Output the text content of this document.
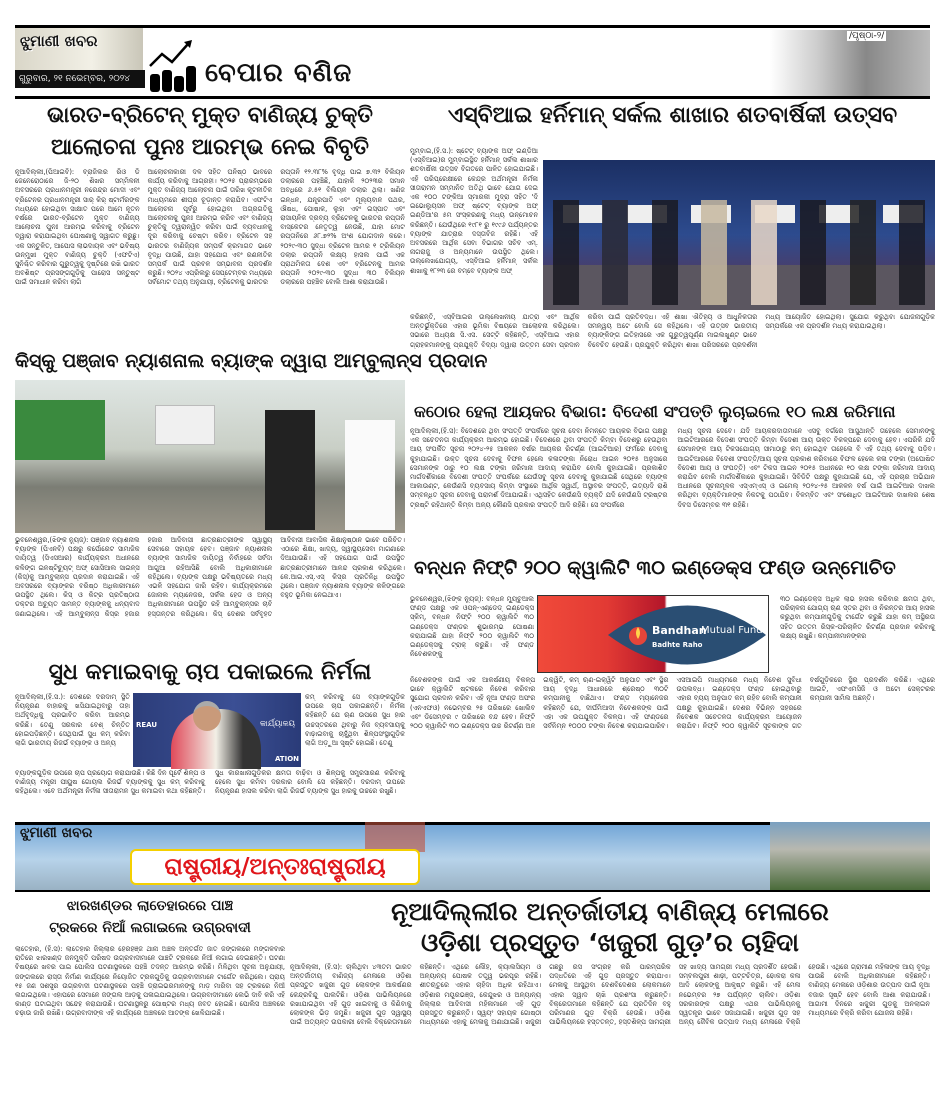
ଝୁମାଣୀ ଖବର
ଗୁରୁବାର, ୨୧ ନଭେମ୍ବର, ୨୦୨୪	ବେପାର ବଣିଜ
/ପୃଷ୍ଠା-୨/
ଭାରତ-ବ୍ରିଟେନ୍ ମୁକ୍ତ ବାଣିଜ୍ୟ ଚୁକ୍ତି
ଆଲୋଚନା ପୁନଃ ଆରମ୍ଭ ନେଇ ବିବୃତି

ନୂଆଦିଲ୍ଲୀ,(ପିଆଇବି): ବ୍ରାଜିଲର ରିଓ ଡି ଜେନେରୋଠାରେ ଜି-୨୦ ଶିଖର ସମ୍ମିଳନୀ ଅବସରରେ ପ୍ରଧାନମନ୍ତ୍ରୀ ନରେନ୍ଦ୍ର ମୋଦୀ ଏବଂ ବ୍ରିଟେନର ପ୍ରଧାନମନ୍ତ୍ରୀ ସାର୍ କିର୍ ଷ୍ଟାର୍ମରଙ୍କ ମଧ୍ୟରେ ହୋଇଥିବା ସାକ୍ଷାତ ପରେ ଆମେ ନୂତନ ବର୍ଷରେ ଭାରତ-ବ୍ରିଟେନ ମୁକ୍ତ ବାଣିଜ୍ୟ ଆଲୋଚନା ପୁନଃ ଆରମ୍ଭ କରିବାକୁ ବ୍ରିଟେନ ଦ୍ୱାରା କରାଯାଇଥିବା ଘୋଷଣାକୁ ସ୍ୱାଗତ କରୁଛୁ। ଏକ ସନ୍ତୁଳିତ, ଆପୋସ ଲାଭଦାୟକ ଏବଂ ଭବିଷ୍ୟ ଉନ୍ମୁଖୀ ମୁକ୍ତ ବାଣିଜ୍ୟ ଚୁକ୍ତି (ଏଫଟିଏ) ସୁନିଶ୍ଚିତ କରିବାର ଗୁରୁତ୍ୱକୁ ଦୃଷ୍ଟିରେ ରଖି ଭାରତ ଅବଶିଷ୍ଟ ପ୍ରସଙ୍ଗଗୁଡ଼ିକୁ ପାରୋସ ସନ୍ତୁଷ୍ଟ ପାଇଁ ସମାଧାନ କରିବା ଲାଗି

ଆଲୋଚନାକାରୀ ଦଳ ସହିତ ଘନିଷ୍ଠ ଭାବରେ କାର୍ଯ୍ୟ କରିବାକୁ ଆଗ୍ରହୀ। ୨୦୨୫ ପ୍ରାରମ୍ଭରେ ମୁକ୍ତ ବାଣିଜ୍ୟ ଆଲୋଚନା ପାଇଁ ତାରିଖ କୂଟନୀତିକ ମାଧ୍ୟମରେ ଶୀଘ୍ର ଚୂଡ଼ାନ୍ତ କରାଯିବ। ଏଫଟିଏ ଆଲୋଚନା ପୂର୍ବରୁ ହୋଇଥିବା ଅଗ୍ରଗତିକୁ ଆଲୋଚନାକୁ ପୁନଃ ଆରମ୍ଭ କରିବ ଏବଂ ବାଣିଜ୍ୟ ଚୁକ୍ତିକୁ ତ୍ୱରାନ୍ୱିତ କରିବା ପାଇଁ ବ୍ୟବଧାନକୁ ଦୂର କରିବାକୁ ଚେଷ୍ଟା କରିବ। ବ୍ରିଟେନ ସହ ଭାରତର ବାଣିଜ୍ୟିକ ସମ୍ପର୍କ କ୍ରମାଗତ ଭାବେ ବୃଦ୍ଧି ପାଉଛି, ଯାହା ସହଯୋଗ ଏବଂ ରଣନୀତିକ ସମ୍ପର୍କ ପାଇଁ ପ୍ରବଳ ସମ୍ଭାବନା ପ୍ରଦର୍ଶନ କରୁଛି। ୨୦୨୪ ଏପ୍ରିଲରୁ ସେପ୍ଟେମ୍ବର ମଧ୍ୟରେ ସର୍ବମୋଟ ତଥ୍ୟ ଅନୁଯାୟୀ, ବ୍ରିଟେନକୁ ଭାରତର

ରପ୍ତାନି ୧୨.୩୮% ବୃଦ୍ଧି ପାଇ ୭.୩୨ ବିଲିୟନ ଡଲାରରେ ପହଞ୍ଚିଛି, ଯାହାକି ୨୦୨୩ର ସମାନ ଅବଧିରେ ୬.୫୧ ବିଲିୟନ ଡଲାର ଥିଲା। ଖଣିଜ ଇନ୍ଧନ, ଯନ୍ତ୍ରପାତି ଏବଂ ମୂଲ୍ୟବାନ ପଥର, ଔଷଧ, ପୋଷାକ, ଲୁହା ଏବଂ ଇସ୍ପାତ ଏବଂ ରାସାୟନିକ ଦ୍ରବ୍ୟ ବ୍ରିଟେନକୁ ଭାରତର ରପ୍ତାନି ବାସ୍କେଟର ନେତୃତ୍ୱ ନେଉଛି, ଯାହା ମୋଟ ରପ୍ତାନିରେ ୬୮.୭୨% ଅଂଶ ଯୋଗଦାନ କରେ। ୨୦୨୯-୩୦ ସୁଦ୍ଧା ବ୍ରିଟେନ ଆମର ୧ ଟ୍ରିଲିୟନ ଡଲାର ରପ୍ତାନି ଲକ୍ଷ୍ୟ ହାସଲ ପାଇଁ ଏକ ପ୍ରାଥମିକତା ଦେଶ ଏବଂ ବ୍ରିଟେନକୁ ଆମର ରପ୍ତାନି ୨୦୨୯-୩୦ ସୁଦ୍ଧା ୩୦ ବିଲିୟନ ଡଲାରରେ ପହଞ୍ଚିବ ବୋଲି ଆଶା କରାଯାଉଛି।

କିସ୍କୁ ପଞ୍ଜାବ ନ୍ୟାଶନାଲ ବ୍ୟାଙ୍କ ଦ୍ୱାରା ଆମ୍ବୁଲାନ୍ସ ପ୍ରଦାନ
ଭୁବନେଶ୍ୱର,(ଝିଙ୍କ ନ୍ୟୁଜ୍): ପଞ୍ଜାବ ନ୍ୟାଶନାଲ ବ୍ୟାଙ୍କ (ପିଏନବି) ପକ୍ଷରୁ କର୍ପୋରେଟ ସାମାଜିକ ଦାୟିତ୍ୱ (ସିଏସଆର) କାର୍ଯ୍ୟକ୍ରମ ଅଧୀନରେ କଳିଙ୍ଗ ଇନଷ୍ଟିଚ୍ୟୁଟ୍ ଅଫ୍ ସୋସିଆଲ ସାଇନ୍ସ (କିସ୍)କୁ ଆମ୍ବୁଲାନ୍ସ ପ୍ରଦାନ କରାଯାଇଛି। ଏହି ଅବସରରେ ବ୍ୟାଙ୍କର ବରିଷ୍ଠ ଅଧିକାରୀମାନେ ଉପସ୍ଥିତ ଥିଲେ। କିସ୍ ଓ କିଟ୍ର ପ୍ରତିଷ୍ଠାତା ଡକ୍ଟର ଅଚ୍ୟୁତ ସାମନ୍ତ ବ୍ୟାଙ୍କକୁ ଧନ୍ୟବାଦ ଜଣାଇଥିଲେ। ଏହି ଆମ୍ବୁଲାନ୍ସ କିସ୍ର ହଜାର ହଜାର ଆଦିବାସୀ ଛାତ୍ରଛାତ୍ରୀଙ୍କ ସ୍ୱାସ୍ଥ୍ୟ ସେବାରେ ସହାୟକ ହେବ। ପଞ୍ଜାବ ନ୍ୟାଶନାଲ ବ୍ୟାଙ୍କ ସାମାଜିକ ଦାୟିତ୍ୱ ନିର୍ବାହରେ ସର୍ବଦା ଆଗୁଆ ରହିଆସିଛି ବୋଲି ଅଧିକାରୀମାନେ କହିଥିଲେ। ବ୍ୟାଙ୍କ ପକ୍ଷରୁ ଭବିଷ୍ୟତରେ ମଧ୍ୟ ଏଭଳି ସହଯୋଗ ଜାରି ରହିବ। କାର୍ଯ୍ୟକ୍ରମରେ ଜୋନାଲ ମ୍ୟାନେଜର, ସର୍କଲ ହେଡ ଓ ଅନ୍ୟ ଅଧିକାରୀମାନେ ଉପସ୍ଥିତ ରହି ଆମ୍ବୁଲାନ୍ସର ଚାବି ହସ୍ତାନ୍ତର କରିଥିଲେ। କିସ୍ ଦେଶର ସର୍ବବୃହତ ଆଦିବାସୀ ଆବାସିକ ଶିକ୍ଷାନୁଷ୍ଠାନ ଭାବେ ପରିଚିତ। ଏଠାରେ ଶିକ୍ଷା, ଖାଦ୍ୟ, ସ୍ୱାସ୍ଥ୍ୟସେବା ମାଗଣାରେ ଦିଆଯାଉଛି। ଏହି ସହଯୋଗ ପାଇଁ ଉପସ୍ଥିତ ଛାତ୍ରଛାତ୍ରୀମାନେ ଆନନ୍ଦ ପ୍ରକାଶ କରିଥିଲେ। କେ.ଆଇ.ଏସ୍.ଏସ୍ କିସ୍‌ର ପ୍ରତିନିଧି ଉପସ୍ଥିତ ଥିଲେ। ପଞ୍ଜାବ ନ୍ୟାଶନାଲ ବ୍ୟାଙ୍କ କଳିଙ୍ଗରେ ବହୁତ ଭୂମିକା ନେଇଥାଏ।
ସୁଧ କମାଇବାକୁ ଚାପ ପକାଇଲେ ନିର୍ମଳା
ନୂଆଦିଲ୍ଲୀ,(ହି.ସ.): ଦେଶରେ ଦରଦାମ୍ ସ୍ଥିତି ନିୟନ୍ତ୍ରଣ ବାହାରକୁ ଖସିଯାଇଥିବାରୁ ତାହା ଅର୍ଥବୃଦ୍ଧିକୁ ପ୍ରଭାବିତ କରିବା ଆରମ୍ଭ କରିଛି। ତେଣୁ ସରକାର ବେଶ୍ ଚିନ୍ତିତ ହୋଇପଡ଼ିଛନ୍ତି। ସେଥିପାଇଁ ସୁଧ କମ୍ କରିବା ଲାଗି ଭାରତୀୟ ରିଜର୍ଭ ବ୍ୟାଙ୍କ ଓ ଅନ୍ୟ
REAU	କାର୍ଯ୍ୟାଳୟ
ATION
କମ୍ କରିବାକୁ ସେ ବ୍ୟାଙ୍କଗୁଡ଼ିକ ଉପରେ ଚାପ ପକାଇଛନ୍ତି। ନିର୍ମଳା କହିଛନ୍ତି ଯେ ଋଣ ଉପରେ ସୁଧ ହାର ଉଚ୍ଚସ୍ତରରେ ଥିବାରୁ ନିଜ ବ୍ୟବସାୟକୁ ବାଢ଼ାଇବାକୁ ଚାହୁଁଥିବା ଶିଳ୍ପସଂସ୍ଥାଗୁଡ଼ିକ ଲାଗି ଅଡ଼ୁଆ ସୃଷ୍ଟି ହୋଇଛି। ତେଣୁ
ବ୍ୟାଙ୍କଗୁଡ଼ିକ ଉପରେ ଚାପ ପ୍ରୟୋଗ କରାଯାଉଛି। କିଛି ଦିନ ପୂର୍ବେ ଶିଳ୍ପ ଓ ବାଣିଜ୍ୟ ମନ୍ତ୍ରୀ ପୀୟୁଷ ଗୋୟଲ ରିଜର୍ଭ ବ୍ୟାଙ୍କକୁ ସୁଧ କମ୍ କରିବାକୁ କହିଥିଲେ। ଏବେ ଅର୍ଥମନ୍ତ୍ରୀ ନିର୍ମଳା ସୀତାରାମନ ସୁଧ କମାଇବା କଥା କହିଛନ୍ତି। ସୁଧ କାରଖାନାଗୁଡ଼ିକର କ୍ଷମତା ବାଢ଼ିବା ଓ ଶିଳ୍ପକୁ ସମ୍ପ୍ରସାରଣ କରିବାକୁ ହେଲେ ସୁଧ କମିବା ଦରକାର ବୋଲି ସେ କହିଛନ୍ତି। ଦରଦାମ୍ ଉପରେ ନିୟନ୍ତ୍ରଣ ହାସଲ କରିବା ଲାଗି ରିଜର୍ଭ ବ୍ୟାଙ୍କ ସୁଧ ହାରକୁ ଉଚ୍ଚରେ ରଖୁଛି।
ଏସ୍‌ବିଆଇ ହର୍ନିମାନ୍ ସର୍କଲ ଶାଖାର ଶତବାର୍ଷିକୀ ଉତ୍ସବ
ମୁମ୍ବାଇ,(ହି.ସ.): ଷ୍ଟେଟ୍ ବ୍ୟାଙ୍କ ଅଫ୍ ଇଣ୍ଡିଆ (ଏସ୍‌ବିଆଇ)ର ମୁମ୍ବାଇସ୍ଥିତ ହର୍ନିମାନ୍ ସର୍କଲ ଶାଖାର ଶତବାର୍ଷିକୀ ଉତ୍ସବ ବିଗତରେ ପାଳିତ ହୋଇଯାଇଛି। ଏହି ପରିପ୍ରେକ୍ଷୀରେ କେନ୍ଦ୍ର ଅର୍ଥମନ୍ତ୍ରୀ ନିର୍ମଳା ସୀତାରାମନ ସମ୍ମାନିତ ଅତିଥି ଭାବେ ଯୋଗ ଦେଇ ଏକ ୧୦୦ ଟଙ୍କିଆ ସ୍ମାରକୀ ମୁଦ୍ରା ସହିତ 'ଦି ଇଭୋଲ୍ୟୁସନ ଅଫ୍ ଷ୍ଟେଟ୍ ବ୍ୟାଙ୍କ ଅଫ୍ ଇଣ୍ଡିଆ'ର ୫ମ ସଂସ୍କରଣକୁ ମଧ୍ୟ ଉନ୍ମୋଚନ କରିଛନ୍ତି। ଯେଉଁଥିରେ ୧୯୮୧ ରୁ ୧୯୯୬ ପର୍ଯ୍ୟନ୍ତର ବ୍ୟାଙ୍କ ଯାତ୍ରାର ଦସ୍ତାବିଜ ରହିଛି। ଏହି ଅବସରରେ ଆର୍ଥିକ ସେବା ବିଭାଗର ସଚିବ ଏମ୍. ନାଗରାଜୁ ଓ ଅନ୍ୟମାନେ ଉପସ୍ଥିତ ଥିଲେ। ଉଲ୍ଲେଖଯୋଗ୍ୟ, ଏସ୍‌ବିଆଇ ହର୍ନିମାନ୍ ସର୍କଲ ଶାଖାକୁ ୧୮୨୩ ରେ ବମ୍ବେ ବ୍ୟାଙ୍କ ଅଫ୍
କରିଛନ୍ତି, ଏସ୍‌ବିଆଇର ଉଲ୍ଲେଖନୀୟ ଯାତ୍ରା ଏବଂ ଆର୍ଥିକ ଅନ୍ତର୍ଭୁକ୍ତିରେ ଏହାର ଭୂମିକା ବିଷୟରେ ଆଲୋଚନା କରିଥିଲେ। ସଭାରେ ଅଧ୍ୟକ୍ଷ ସି.ଏସ. ସେଟ୍ଟି କହିଛନ୍ତି, ଏସ୍‌ବିଆଇ ଏହାର ଗ୍ରାହକମାନଙ୍କୁ ପ୍ରଯୁକ୍ତି ବିଦ୍ୟା ଦ୍ୱାରା ଉତ୍ତମ ସେବା ପ୍ରଦାନ କରିବା ପାଇଁ ପ୍ରତିବଦ୍ଧ। ଏହି ଶାଖା ଐତିହ୍ୟ ଓ ଆଧୁନିକତାର ସମନ୍ୱୟ ଅଟେ ବୋଲି ସେ କହିଥିଲେ। ଏହି ଉତ୍ସବ ଭାରତୀୟ ବ୍ୟାଙ୍କିଙ୍ଗ ଇତିହାସରେ ଏକ ଗୁରୁତ୍ୱପୂର୍ଣ୍ଣ ମାଇଲଖୁଣ୍ଟ ଭାବେ ବିବେଚିତ ହେଉଛି। ପ୍ରଯୁକ୍ତି କରିଥିବା ଶାଖା ପରିସରରେ ପ୍ରଦର୍ଶନୀ ମଧ୍ୟ ଆୟୋଜିତ ହୋଇଥିଲା। ସୁଯୋଗ କରୁଥିବା ଯୋଜନାଗୁଡ଼ିକ ସମ୍ପର୍କରେ ଏକ ପ୍ରଦର୍ଶନ ମଧ୍ୟ କରାଯାଇଥିଲା।
କଠୋର ହେଲା ଆୟକର ବିଭାଗ: ବିଦେଶୀ ସଂପତ୍ତି ଲୁଚାଇଲେ ୧୦ ଲକ୍ଷ ଜରିମାନା

ନୂଆଦିଲ୍ଲୀ,(ହି.ସ): ବିଦେଶରେ ଥିବା ସଂପତ୍ତି ସଂପର୍କରେ ସୂଚନା ଦେବା ନିମନ୍ତେ ଆୟକର ବିଭାଗ ପକ୍ଷରୁ ଏକ ସଚେତନତା କାର୍ଯ୍ୟକ୍ରମ ଆରମ୍ଭ ହୋଇଛି। ବିଦେଶରେ ଥିବା ସଂପତ୍ତି କିମ୍ବା ବିଦେଶରୁ ହେଉଥିବା ଆୟ ସଂପର୍କିତ ସୂଚନା ୨୦୨୪-୨୫ ଆକଳନ ବର୍ଷର ଆୟକର ରିଟର୍ଣ୍ଣ (ଆଇଟିଆର) ଫର୍ମରେ ଦେବାକୁ କୁହାଯାଇଛି। ଉକ୍ତ ସୂଚନା ଦେବାକୁ ବିଫଳ ହେଲେ କଳାଟଙ୍କା ନିରୋଧ ଆଇନ ୨୦୧୫ ଅନୁସାରେ ସେମାନଙ୍କ ଠାରୁ ୧୦ ଲକ୍ଷ ଟଙ୍କା ଜରିମାନା ଆଦାୟ କରାଯିବ ବୋଲି କୁହାଯାଇଛି। ପ୍ରକାଶିତ ମାର୍ଗଦର୍ଶିକାରେ ବିଦେଶୀ ସଂପତ୍ତି ସଂପର୍କରେ ଯେଉଁସବୁ ସୂଚନା ଦେବାକୁ କୁହାଯାଇଛି ସେଥିରେ ବ୍ୟାଙ୍କ ଆକାଉଣ୍ଟ, କେଉଁଣସି ବ୍ୟବସାୟ କିମ୍ବା ସଂସ୍ଥାରେ ଆର୍ଥିକ ସ୍ୱାର୍ଥ, ଅସ୍ଥାବର ସଂପତ୍ତି, ଇତ୍ୟାଦି ରାଶି ସମ୍ବନ୍ଧିତ ସୂଚନା ଦେବାକୁ ପରାମର୍ଶ ଦିଆଯାଇଛି। ଏଥିସହିତ କେଉଁଣସି ବ୍ୟକ୍ତି ଯଦି କେଉଁଣସି ଟ୍ରଷ୍ଟର ଟ୍ରଷ୍ଟି ରହିଥାନ୍ତି କିମ୍ବା ଅନ୍ୟ କୌଣସି ପ୍ରକାର ସଂପତ୍ତି ଆଦି ରହିଛି। ସେ ସଂପର୍କରେ

ମଧ୍ୟ ସୂଚନା ଦେବେ। ଯଦି ଆୟକରଦାତାମାନେ ଏସବୁ ବର୍ଗରେ ଆସୁଥାନ୍ତି ତାହେଲେ ସେମାନଙ୍କୁ ଆଇଟିଆରରେ ବିଦେଶୀ ସଂପତ୍ତି କିମ୍ବା ବିଦେଶୀ ଆୟ ଉକ୍ତ ବିକଳ୍ପରେ ଦେବାକୁ ହେବ। ଏପରିକି ଯଦି ସେମାନଙ୍କ ଆୟ ଟିକସଯୋଗ୍ୟ ସୀମାଠାରୁ କମ୍ ହୋଇଥିବ ତାହେଲେ ବି ଏହି ତଥ୍ୟ ଦେବାକୁ ପଡ଼ିବ। ଆଇଟିଆରରେ ବିଦେଶୀ ସଂପତ୍ତି/ଆୟ ସୂଚନା ପ୍ରକାଶ କରିବାରେ ବିଫଳ ହେଲେ କଳା ଟଙ୍କା (ଅଘୋଷିତ ବିଦେଶୀ ଆୟ ଓ ସଂପତ୍ତି) ଏବଂ ଟିକସ ଆଇନ ୨୦୧୫ ଅଧୀନରେ ୧୦ ଲକ୍ଷ ଟଙ୍କା ଜରିମାନା ଆଦାୟ କରାଯିବ ବୋଲି ମାର୍ଗଦର୍ଶିକାରେ କୁହାଯାଇଛି। ସିବିଡିଟି ପକ୍ଷରୁ କୁହାଯାଇଛି ଯେ, ଏହି ପ୍ରଚାର ଅଭିଯାନ ଅଧୀନରେ ସୂଚନାମୂଳକ ଏସ୍‌ଏମ୍‌ଏସ୍ ଓ ଇମେଲ୍ ୨୦୨୪-୨୫ ଆକଳନ ବର୍ଷ ପାଇଁ ଆଇଟିଆର ଦାଖଲ କରିଥିବା ବ୍ୟକ୍ତିମାନଙ୍କ ନିକଟକୁ ପଠାଯିବ। ବିଳମ୍ବିତ ଏବଂ ସଂଶୋଧିତ ଆଇଟିଆର ଦାଖଲର ଶେଷ ଦିବସ ଡିସେମ୍ବର ୩୧ ରହିଛି।

ବନ୍ଧନ ନିଫ୍ଟି ୨୦୦ କ୍ୱାଲିଟି ୩୦ ଇଣ୍ଡେକ୍ସ ଫଣ୍ଡ ଉନ୍ମୋଚିତ
ଭୁବନେଶ୍ୱର,(ଝିଙ୍କ ନ୍ୟୁଜ୍): ବନ୍ଧନ ମ୍ୟୁଚୁଆଲ ଫଣ୍ଡ ପକ୍ଷରୁ ଏକ ଓପନ୍-ଏଣ୍ଡେଡ୍ ଇଣ୍ଡେକ୍ସ ସ୍କିମ୍, ବନ୍ଧନ ନିଫ୍ଟି ୨୦୦ କ୍ୱାଲିଟି ୩୦ ଇଣ୍ଡେକ୍ସ ଫଣ୍ଡର ଶୁଭାରମ୍ଭ ଘୋଷଣା କରାଯାଇଛି ଯାହା ନିଫ୍ଟି ୨୦୦ କ୍ୱାଲିଟି ୩୦ ଇଣ୍ଡେକ୍ସକୁ ଟ୍ରାକ୍ କରୁଛି। ଏହି ଫଣ୍ଡ ନିବେଶକଙ୍କୁ
Bandhan
Mutual Fund
Badhte Raho
୩୦ ଇଣ୍ଡେକ୍ସ ଅଧିକ ଲାଭ ହାସଲ କରିବାର କ୍ଷମତା ଥିବା, ପରିଚାଳନା ଯୋଗ୍ୟ ଋଣ ସ୍ତର ଥିବା ଓ ନିରନ୍ତର ଆୟ ହାସଲ କରୁଥିବା କମ୍ପାନୀଗୁଡ଼ିକୁ ଟାର୍ଗେଟ କରୁଛି ଯାହା କମ୍ ଅସ୍ଥିରତା ସହିତ ଉତ୍ତମ ରିସ୍କ-ପରିଚାଳିତ ରିଟର୍ଣ୍ଣ ପ୍ରଦାନ କରିବାକୁ ଲକ୍ଷ୍ୟ ରଖୁଛି। କମ୍ପାନୀମାନଙ୍କର
ନିବେଶକଙ୍କ ପାଇଁ ଏକ ଆକର୍ଷଣୀୟ ବିକଳ୍ପ ଭାବେ କ୍ୱାଲିଟି ଷ୍ଟକରେ ନିବେଶ କରିବାର ସୁଯୋଗ ପ୍ରଦାନ କରିବ। ଏହି ନୂଆ ଫଣ୍ଡ ଅଫର (ଏନଏଫଓ) ନଭେମ୍ବର ୨୫ ତାରିଖରେ ଖୋଲିବ ଏବଂ ଡିସେମ୍ବର ୯ ତାରିଖରେ ବନ୍ଦ ହେବ। ନିଫ୍ଟି ୨୦୦ କ୍ୱାଲିଟି ୩୦ ଇଣ୍ଡେକ୍ସ ଉଚ୍ଚ ରିଟର୍ଣ୍ଣ ଅନ ଇକ୍ୱିଟି, କମ୍ ଋଣ-ଇକ୍ୱିଟି ଅନୁପାତ ଏବଂ ସ୍ଥିର ଆୟ ବୃଦ୍ଧି ଆଧାରରେ ଶ୍ରେଷ୍ଠ ୩୦ଟି କମ୍ପାନୀକୁ ବାଛିଥାଏ। ଫଣ୍ଡ ମ୍ୟାନେଜର କହିଛନ୍ତି ଯେ, ଦୀର୍ଘମିଆଦୀ ନିବେଶକଙ୍କ ପାଇଁ ଏହା ଏକ ଉପଯୁକ୍ତ ବିକଳ୍ପ। ଏହି ଫଣ୍ଡରେ ସର୍ବନିମ୍ନ ୧୦୦୦ ଟଙ୍କା ନିବେଶ କରାଯାଇପାରିବ। ଏସଆଇପି ମାଧ୍ୟମରେ ମଧ୍ୟ ନିବେଶ ସୁବିଧା ଉପଲବ୍ଧ। ଇଣ୍ଡେକ୍ସ ଫଣ୍ଡ ହୋଇଥିବାରୁ ଏହାର ବ୍ୟୟ ଅନୁପାତ କମ୍ ରହିବ ବୋଲି କମ୍ପାନୀ ପକ୍ଷରୁ କୁହାଯାଇଛି। ଦେଶର ବିଭିନ୍ନ ସହରରେ ନିବେଶକ ସଚେତନତା କାର୍ଯ୍ୟକ୍ରମ ଆୟୋଜନ କରାଯିବ। ନିଫ୍ଟି ୨୦୦ କ୍ୱାଲିଟି ସୂଚକାଙ୍କ ଗତ ବର୍ଷଗୁଡ଼ିକରେ ସ୍ଥିର ପ୍ରଦର୍ଶନ କରିଛି। ଏଥିରେ ଆଇଟି, ଏଫଏମସିଜି ଓ ଅଟୋ ସେକ୍ଟରର କମ୍ପାନୀ ସାମିଲ ଅଛନ୍ତି।
ଝୁମାଣୀ ଖବର
ରାଷ୍ଟ୍ରୀୟ/ଅନ୍ତଃରାଷ୍ଟ୍ରୀୟ
ଝାରଖଣ୍ଡର ଲାତେହାରରେ ପାଞ୍ଚ
ଟ୍ରକରେ ନିଆଁ ଲଗାଇଲେ ଉଗ୍ରବାଦୀ
ଲାତେହାର, (ହି.ସ): ଲାତେହାର ଜିଲ୍ଲାର ହେରହଞ୍ଜ ଥାନା ଅଞ୍ଚଳ ଅନ୍ତର୍ଗତ ଜାତ ଜଙ୍ଗଲରେ ମଙ୍ଗଳବାର ରାତିରେ ଝାରଖଣ୍ଡ ଜନମୁକ୍ତି ପରିଷଦ ଉଗ୍ରବାଦୀମାନେ ପାଞ୍ଚଟି ଟ୍ରକରେ ନିଆଁ ଲଗାଇ ଦେଇଛନ୍ତି। ଘଟଣା ବିଷୟରେ ଖବର ପାଇ ପୋଲିସ ଘଟଣାସ୍ଥଳରେ ପହଞ୍ଚି ତଦନ୍ତ ଆରମ୍ଭ କରିଛି। ମିଳିଥିବା ସୂଚନା ଅନୁଯାୟୀ, ଜଙ୍ଗଲରେ ରାସ୍ତା ନିର୍ମାଣ କାର୍ଯ୍ୟରେ ନିୟୋଜିତ ଟ୍ରକଗୁଡ଼ିକୁ ଉଗ୍ରବାଦୀମାନେ ଟାର୍ଗେଟ କରିଥିଲେ। ପ୍ରାୟ ୧୫ ଜଣ ସଶସ୍ତ୍ର ଉଗ୍ରବାଦୀ ଘଟଣାସ୍ଥଳରେ ପହଞ୍ଚି ଡ୍ରାଇଭରମାନଙ୍କୁ ମାଡ଼ ମାରିବା ସହ ଟ୍ରକରେ ନିଆଁ ଲଗାଇଥିଲେ। ଏହାପରେ ସେମାନେ ଜଙ୍ଗଲ ଆଡ଼କୁ ପଳାଇଯାଇଥିଲେ। ଉଗ୍ରବାଦୀମାନେ ଲେଭି ଦାବି କରି ଏହି କାଣ୍ଡ ଘଟାଇଥିବା ସନ୍ଦେହ କରାଯାଉଛି। ଘଟଣାସ୍ଥଳରୁ ପୋଷ୍ଟର ମଧ୍ୟ ଜବତ ହୋଇଛି। ପୋଲିସ ଅଞ୍ଚଳରେ ଚଢ଼ାଉ ଜାରି ରଖିଛି। ଉଗ୍ରବାଦୀଙ୍କ ଏହି କାର୍ଯ୍ୟରେ ଅଞ୍ଚଳରେ ଆତଙ୍କ ଖେଳିଯାଇଛି।
ନୂଆଦିଲ୍ଲୀର ଅନ୍ତର୍ଜାତୀୟ ବାଣିଜ୍ୟ ମେଳାରେ
ଓଡ଼ିଶା ପ୍ରସ୍ତୁତ ‘ଖଜୁରୀ ଗୁଡ଼’ର ଚାହିଦା
ନୂଆଦିଲ୍ଲୀ, (ହି.ସ): ଚାଲିଥିବା ୪୩ତମ ଭାରତ ଅନ୍ତର୍ଜାତୀୟ ବାଣିଜ୍ୟ ମେଳାରେ ଓଡ଼ିଶା ପ୍ରସ୍ତୁତ ଖଜୁରୀ ଗୁଡ଼ ଲୋକଙ୍କ ଆକର୍ଷଣର କେନ୍ଦ୍ରବିନ୍ଦୁ ପାଲଟିଛି। ଓଡ଼ିଶା ପାଭିଲିୟନରେ ରଖାଯାଇଥିବା ଏହି ଗୁଡ଼ ଖାଇବାକୁ ଓ କିଣିବାକୁ ଲୋକଙ୍କ ଭିଡ଼ ଜମୁଛି। ଖଜୁରୀ ଗୁଡ଼ ସ୍ୱାସ୍ଥ୍ୟ ପାଇଁ ଅତ୍ୟନ୍ତ ଉପକାରୀ ବୋଲି ବିକ୍ରେତାମାନେ କହିଛନ୍ତି। ଏଥିରେ ଲୌହ, କ୍ୟାଲସିୟମ ଓ ଅନ୍ୟାନ୍ୟ ପୋଷକ ତତ୍ତ୍ୱ ଭରପୂର ରହିଛି। ଶୀତଋତୁରେ ଏହାର ଚାହିଦା ଅଧିକ ରହିଥାଏ। ଓଡ଼ିଶାର ମୟୂରଭଞ୍ଜ, କେନ୍ଦୁଝର ଓ ଅନ୍ୟାନ୍ୟ ଜିଲ୍ଲାର ଆଦିବାସୀ ମହିଳାମାନେ ଏହି ଗୁଡ଼ ପ୍ରସ୍ତୁତ କରୁଛନ୍ତି। ସ୍ୱୟଂ ସହାୟକ ଗୋଷ୍ଠୀ ମାଧ୍ୟମରେ ଏହାକୁ ମେଳାକୁ ଅଣାଯାଇଛି। ଖଜୁରୀ ଗଛରୁ ରସ ସଂଗ୍ରହ କରି ପାରମ୍ପରିକ ପଦ୍ଧତିରେ ଏହି ଗୁଡ଼ ପ୍ରସ୍ତୁତ କରାଯାଏ। ମେଳାକୁ ଆସୁଥିବା ଦେଶବିଦେଶର ଲୋକମାନେ ଏହାର ସ୍ୱାଦ ଚାଖି ପ୍ରଶଂସା କରୁଛନ୍ତି। ବିକ୍ରେତାମାନେ କହିଛନ୍ତି ଯେ ପ୍ରତିଦିନ ବହୁ ପରିମାଣର ଗୁଡ଼ ବିକ୍ରି ହେଉଛି। ଓଡ଼ିଶା ପାଭିଲିୟନରେ ହସ୍ତତନ୍ତ, ହସ୍ତଶିଳ୍ପ ସାମଗ୍ରୀ ସହ ଖାଦ୍ୟ ସାମଗ୍ରୀ ମଧ୍ୟ ପ୍ରଦର୍ଶିତ ହେଉଛି। ସମ୍ବଲପୁରୀ ଶାଢ଼ୀ, ପଟ୍ଟଚିତ୍ର, ଢୋକରା କଳା ଆଦି ଲୋକଙ୍କୁ ଆକୃଷ୍ଟ କରୁଛି। ଏହି ମେଳା ନଭେମ୍ବର ୨୭ ପର୍ଯ୍ୟନ୍ତ ଚାଲିବ। ଓଡ଼ିଶା ସରକାରଙ୍କ ପକ୍ଷରୁ ଏଥର ପାଭିଲିୟନକୁ ସ୍ୱତନ୍ତ୍ର ଭାବେ ସଜାଯାଇଛି। ଖଜୁରୀ ଗୁଡ଼ ସହ ଅନ୍ୟ ଜୈବିକ ଉତ୍ପାଦ ମଧ୍ୟ ମେଳାରେ ବିକ୍ରି ହେଉଛି। ଏଥିରେ ଗ୍ରାମୀଣ ମହିଳାଙ୍କ ଆୟ ବୃଦ୍ଧି ପାଉଛି ବୋଲି ଅଧିକାରୀମାନେ କହିଛନ୍ତି। ବାଣିଜ୍ୟ ମେଳାରେ ଓଡ଼ିଶାର ଉତ୍ପାଦ ପାଇଁ ନୂଆ ବଜାର ସୃଷ୍ଟି ହେବ ବୋଲି ଆଶା କରାଯାଉଛି। ଆଗାମୀ ଦିନରେ ଖଜୁରୀ ଗୁଡ଼କୁ ଅନଲାଇନ ମାଧ୍ୟମରେ ବିକ୍ରି କରିବା ଯୋଜନା ରହିଛି।
